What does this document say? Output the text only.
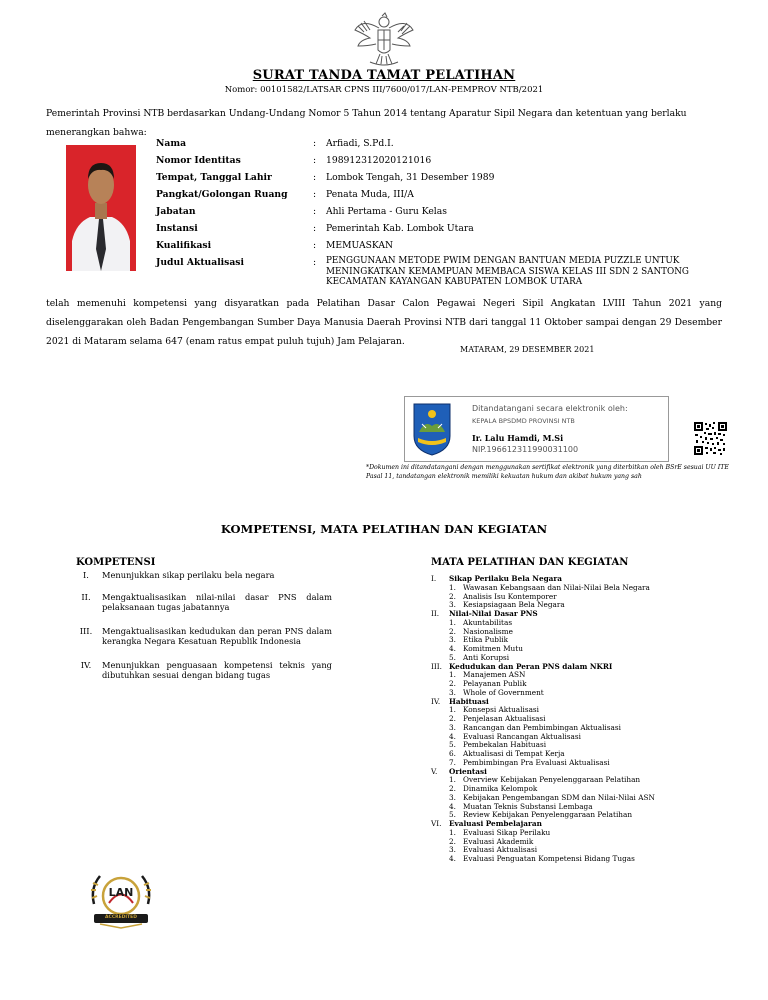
SURAT TANDA TAMAT PELATIHAN
Nomor: 00101582/LATSAR CPNS III/7600/017/LAN-PEMPROV NTB/2021
Pemerintah Provinsi NTB berdasarkan Undang-Undang Nomor 5 Tahun 2014 tentang Aparatur Sipil Negara dan ketentuan yang berlaku menerangkan bahwa:
Nama	: Arfiadi, S.Pd.I.
Nomor Identitas	: 198912312020121016
Tempat, Tanggal Lahir	: Lombok Tengah, 31 Desember 1989
Pangkat/Golongan Ruang	: Penata Muda, III/A
Jabatan	: Ahli Pertama - Guru Kelas
Instansi	: Pemerintah Kab. Lombok Utara
Kualifikasi	: MEMUASKAN
Judul Aktualisasi	: PENGGUNAAN METODE PWIM DENGAN BANTUAN MEDIA PUZZLE UNTUK MENINGKATKAN KEMAMPUAN MEMBACA SISWA KELAS III SDN 2 SANTONG KECAMATAN KAYANGAN KABUPATEN LOMBOK UTARA
telah memenuhi kompetensi yang disyaratkan pada Pelatihan Dasar Calon Pegawai Negeri Sipil Angkatan LVIII Tahun 2021 yang diselenggarakan oleh Badan Pengembangan Sumber Daya Manusia Daerah Provinsi NTB dari tanggal 11 Oktober sampai dengan 29 Desember 2021 di Mataram selama 647 (enam ratus empat puluh tujuh) Jam Pelajaran.
MATARAM, 29 DESEMBER 2021
Ditandatangani secara elektronik oleh:
KEPALA BPSDMD PROVINSI NTB
Ir. Lalu Hamdi, M.Si
NIP.196612311990031100
*Dokumen ini ditandatangani dengan menggunakan sertifikat elektronik yang diterbitkan oleh BSrE sesuai UU ITE Pasal 11, tandatangan elektronik memiliki kekuatan hukum dan akibat hukum yang sah
KOMPETENSI, MATA PELATIHAN DAN KEGIATAN
KOMPETENSI
I.	Menunjukkan sikap perilaku bela negara
II.	Mengaktualisasikan nilai-nilai dasar PNS dalam pelaksanaan tugas jabatannya
III.	Mengaktualisasikan kedudukan dan peran PNS dalam kerangka Negara Kesatuan Republik Indonesia
IV.	Menunjukkan penguasaan kompetensi teknis yang dibutuhkan sesuai dengan bidang tugas
MATA PELATIHAN DAN KEGIATAN
I. Sikap Perilaku Bela Negara
1. Wawasan Kebangsaan dan Nilai-Nilai Bela Negara
2. Analisis Isu Kontemporer
3. Kesiapsiagaan Bela Negara
II. Nilai-Nilai Dasar PNS
1. Akuntabilitas
2. Nasionalisme
3. Etika Publik
4. Komitmen Mutu
5. Anti Korupsi
III. Kedudukan dan Peran PNS dalam NKRI
1. Manajemen ASN
2. Pelayanan Publik
3. Whole of Government
IV. Habituasi
1. Konsepsi Aktualisasi
2. Penjelasan Aktualisasi
3. Rancangan dan Pembimbingan Aktualisasi
4. Evaluasi Rancangan Aktualisasi
5. Pembekalan Habituasi
6. Aktualisasi di Tempat Kerja
7. Pembimbingan Pra Evaluasi Aktualisasi
V. Orientasi
1. Overview Kebijakan Penyelenggaraan Pelatihan
2. Dinamika Kelompok
3. Kebijakan Pengembangan SDM dan Nilai-Nilai ASN
4. Muatan Teknis Substansi Lembaga
5. Review Kebijakan Penyelenggaraan Pelatihan
VI. Evaluasi Pembelajaran
1. Evaluasi Sikap Perilaku
2. Evaluasi Akademik
3. Evaluasi Aktualisasi
4. Evaluasi Penguatan Kompetensi Bidang Tugas
LAN
ACCREDITED
